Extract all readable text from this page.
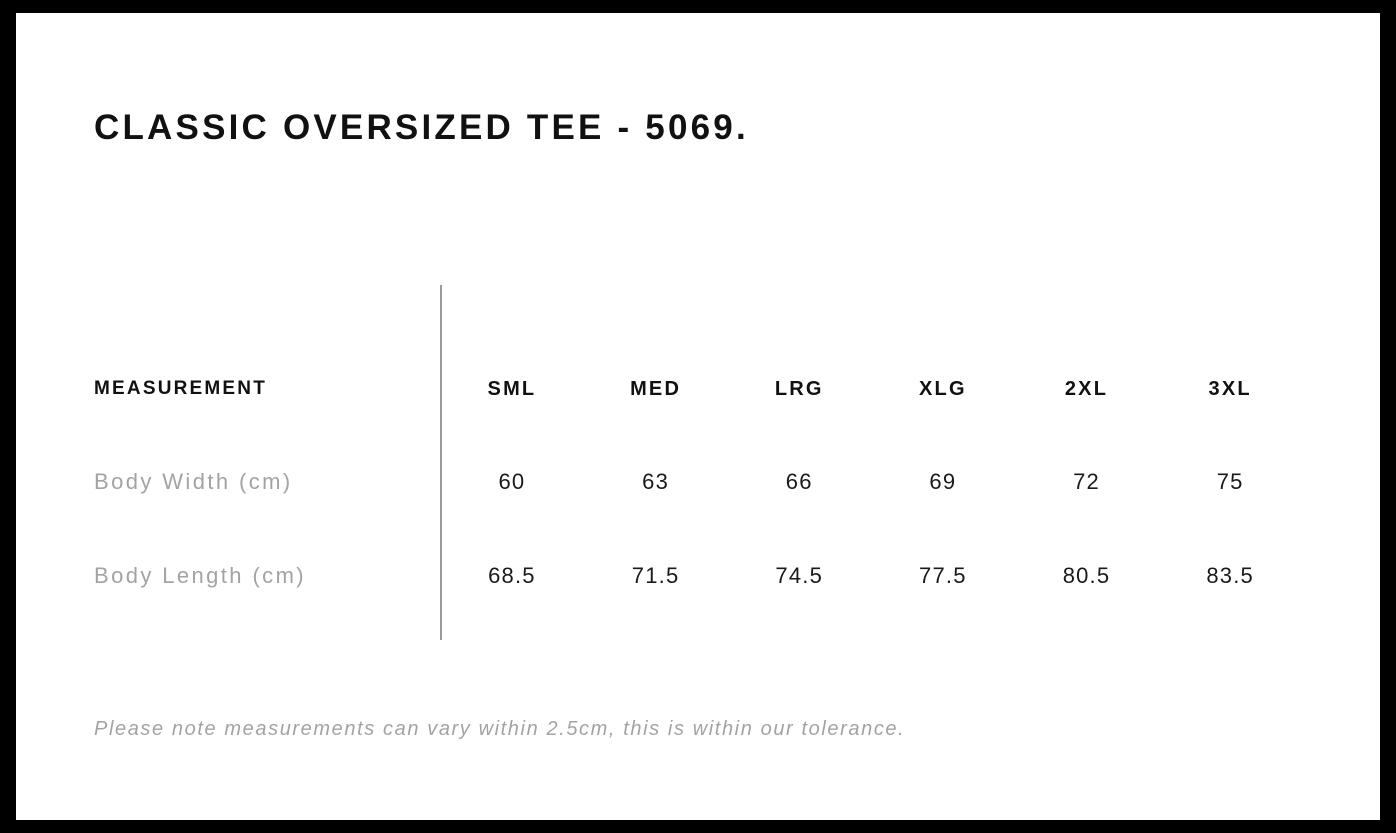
CLASSIC OVERSIZED TEE - 5069.
MEASUREMENT	SML	MED	LRG	XLG	2XL	3XL
Body Width (cm)	60	63	66	69	72	75
Body Length (cm)	68.5	71.5	74.5	77.5	80.5	83.5
Please note measurements can vary within 2.5cm, this is within our tolerance.
